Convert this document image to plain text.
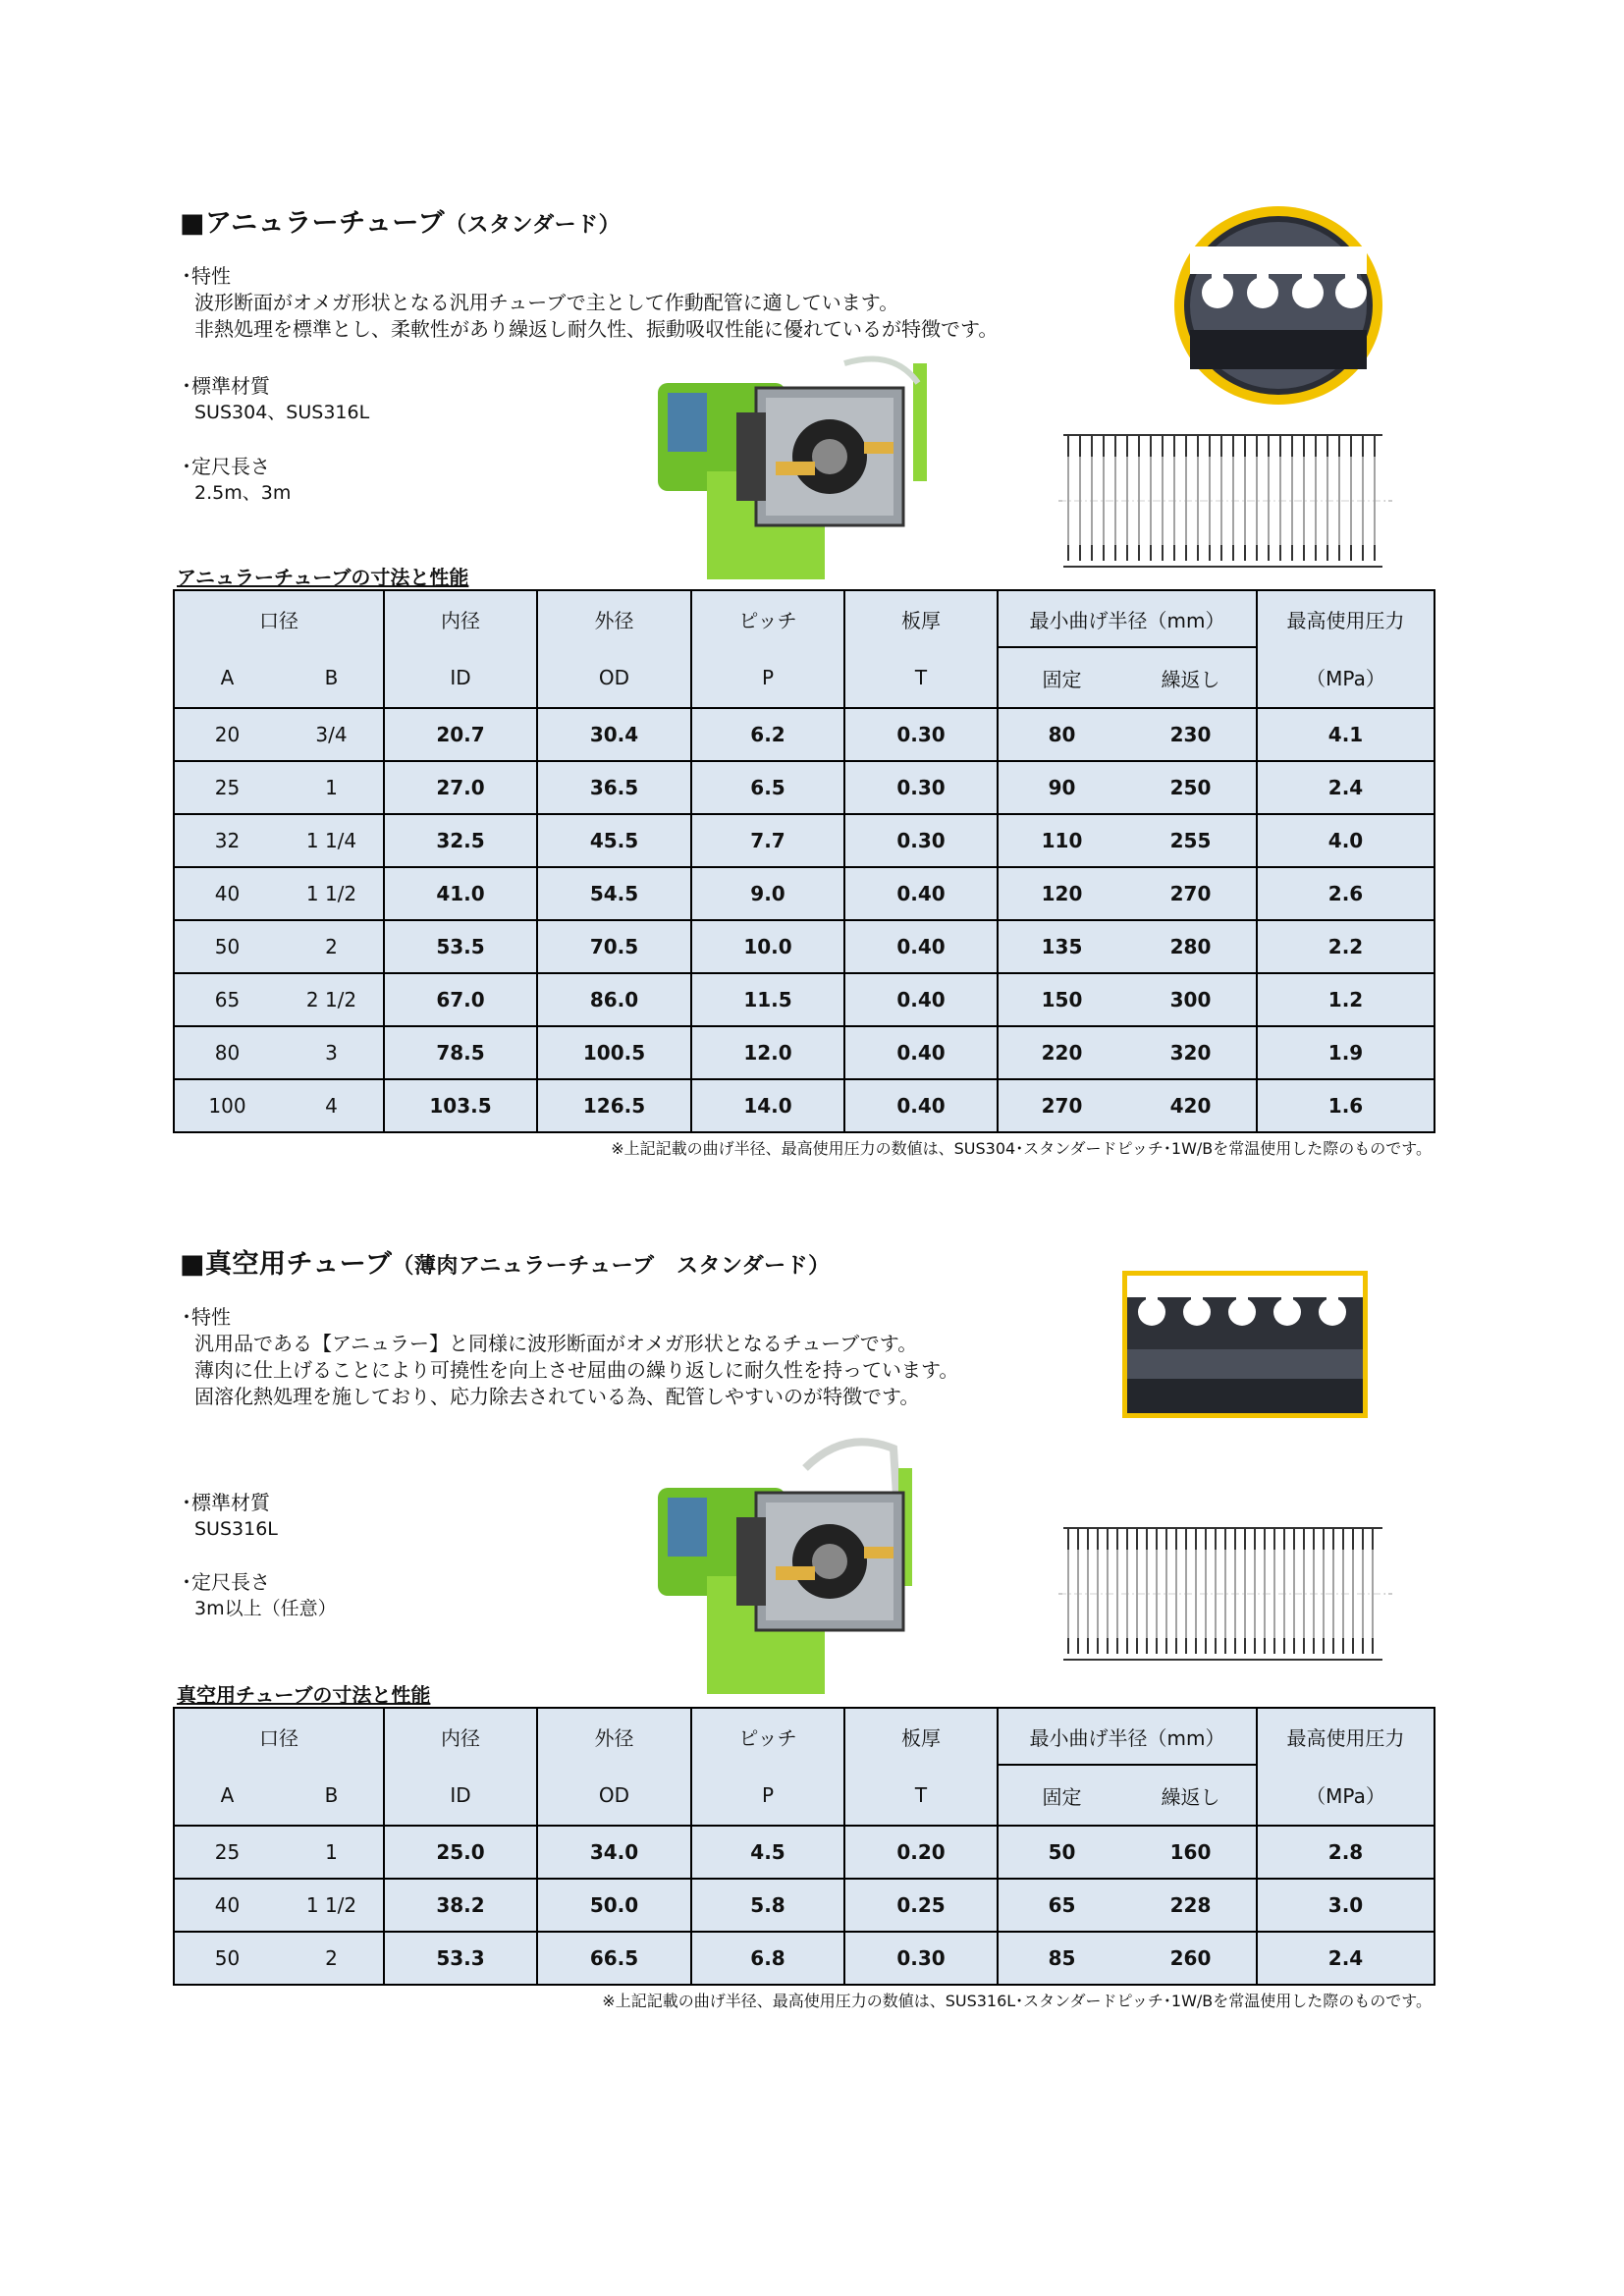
■アニュラーチューブ（スタンダード）
･特性
波形断面がオメガ形状となる汎用チューブで主として作動配管に適しています。
非熱処理を標準とし、柔軟性があり繰返し耐久性、振動吸収性能に優れているが特徴です。
･標準材質
SUS304、SUS316L
･定尺長さ
2.5m、3m
アニュラーチューブの寸法と性能
口径		内径	外径	ピッチ	板厚	最小曲げ半径（mm）		最高使用圧力
A	B	ID	OD	P	T	固定	繰返し	（MPa）
20	3/4	20.7	30.4	6.2	0.30	80	230	4.1
25	1	27.0	36.5	6.5	0.30	90	250	2.4
32	1 1/4	32.5	45.5	7.7	0.30	110	255	4.0
40	1 1/2	41.0	54.5	9.0	0.40	120	270	2.6
50	2	53.5	70.5	10.0	0.40	135	280	2.2
65	2 1/2	67.0	86.0	11.5	0.40	150	300	1.2
80	3	78.5	100.5	12.0	0.40	220	320	1.9
100	4	103.5	126.5	14.0	0.40	270	420	1.6
※上記記載の曲げ半径、最高使用圧力の数値は、SUS304･スタンダードピッチ･1W/Bを常温使用した際のものです。
■真空用チューブ（薄肉アニュラーチューブ　スタンダード）
･特性
汎用品である【アニュラー】と同様に波形断面がオメガ形状となるチューブです。
薄肉に仕上げることにより可撓性を向上させ屈曲の繰り返しに耐久性を持っています。
固溶化熱処理を施しており、応力除去されている為、配管しやすいのが特徴です。
･標準材質
SUS316L
･定尺長さ
3m以上（任意）
真空用チューブの寸法と性能
口径		内径	外径	ピッチ	板厚	最小曲げ半径（mm）		最高使用圧力
A	B	ID	OD	P	T	固定	繰返し	（MPa）
25	1	25.0	34.0	4.5	0.20	50	160	2.8
40	1 1/2	38.2	50.0	5.8	0.25	65	228	3.0
50	2	53.3	66.5	6.8	0.30	85	260	2.4
※上記記載の曲げ半径、最高使用圧力の数値は、SUS316L･スタンダードピッチ･1W/Bを常温使用した際のものです。
